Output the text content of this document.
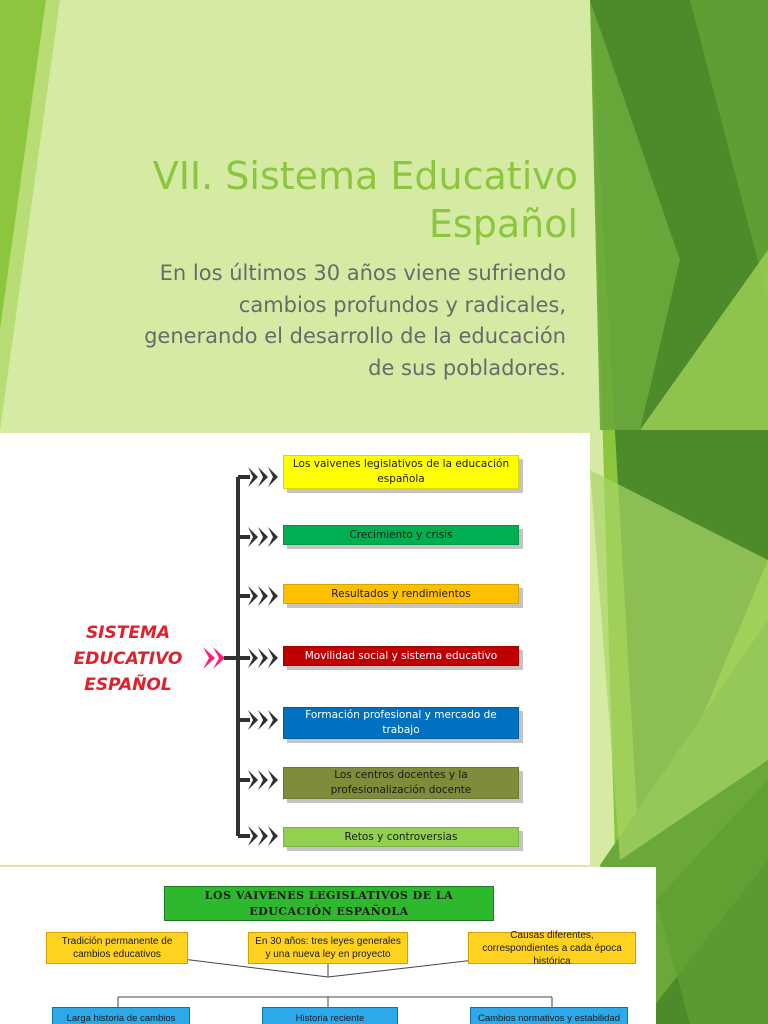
VII. Sistema Educativo
Español
En los últimos 30 años viene sufriendo cambios profundos y radicales, generando el desarrollo de la educación de sus pobladores.
SISTEMA
EDUCATIVO
ESPAÑOL
Los vaivenes legislativos de la educación española
Crecimiento y crisis
Resultados y rendimientos
Movilidad social y sistema educativo
Formación profesional y mercado de trabajo
Los centros docentes y la profesionalización docente
Retos y controversias
LOS VAIVENES LEGISLATIVOS DE LA
EDUCACIÓN ESPAÑOLA
Tradición permanente de cambios educativos
En 30 años: tres leyes generales y una nueva ley en proyecto
Causas diferentes, correspondientes a cada época histórica
Larga historia de cambios	Historia reciente	Cambios normativos y estabilidad
